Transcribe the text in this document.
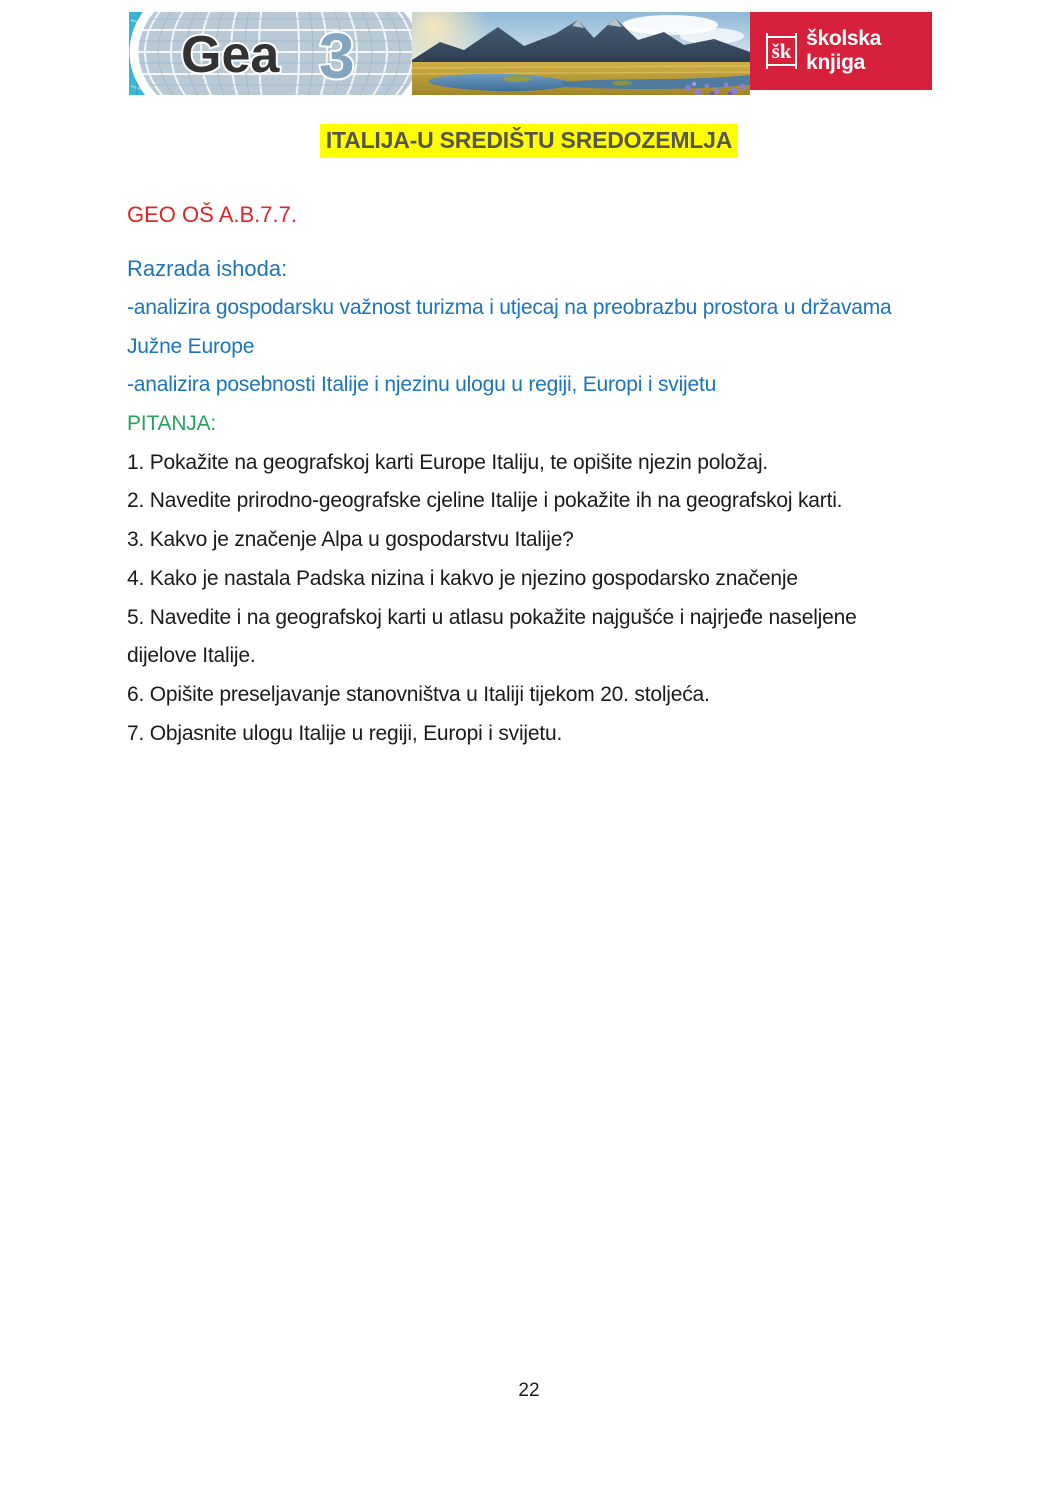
Gea 3	šk školska knjiga
ITALIJA-U SREDIŠTU SREDOZEMLJA
GEO OŠ A.B.7.7.
Razrada ishoda:
-analizira gospodarsku važnost turizma i utjecaj na preobrazbu prostora u državama
Južne Europe
-analizira posebnosti Italije i njezinu ulogu u regiji, Europi i svijetu
PITANJA:
1. Pokažite na geografskoj karti Europe Italiju, te opišite njezin položaj.
2. Navedite prirodno-geografske cjeline Italije i pokažite ih na geografskoj karti.
3. Kakvo je značenje Alpa u gospodarstvu Italije?
4. Kako je nastala Padska nizina i kakvo je njezino gospodarsko značenje
5. Navedite i na geografskoj karti u atlasu pokažite najgušće i najrjeđe naseljene
dijelove Italije.
6. Opišite preseljavanje stanovništva u Italiji tijekom 20. stoljeća.
7. Objasnite ulogu Italije u regiji, Europi i svijetu.
22
